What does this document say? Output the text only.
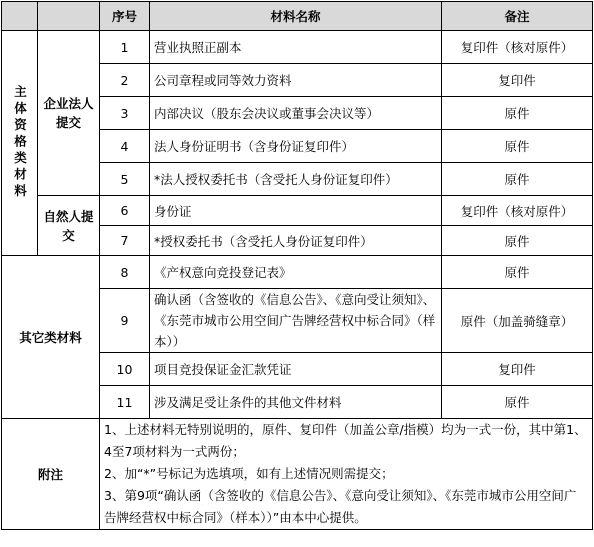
		序号	材料名称	备注

主体资格类材料	企业法人提交	1	营业执照正副本	复印件（核对原件）
		2	公司章程或同等效力资料	复印件
		3	内部决议（股东会决议或董事会决议等）	原件
		4	法人身份证明书（含身份证复印件）	原件
		5	*法人授权委托书（含受托人身份证复印件）	原件
	自然人提交	6	身份证	复印件（核对原件）
		7	*授权委托书（含受托人身份证复印件）	原件
其它类材料		8	《产权意向竞投登记表》	原件
		9	确认函（含签收的《信息公告》、《意向受让须知》、《东莞市城市公用空间广告牌经营权中标合同》（样本））	原件（加盖骑缝章）
		10	项目竞投保证金汇款凭证	复印件
		11	涉及满足受让条件的其他文件材料	原件
附注		1、上述材料无特别说明的，原件、复印件（加盖公章/指模）均为一式一份，其中第1、4至7项材料为一式两份；
2、加“*”号标记为选填项，如有上述情况则需提交；
3、第9项“确认函（含签收的《信息公告》、《意向受让须知》、《东莞市城市公用空间广告牌经营权中标合同》（样本））”由本中心提供。		
